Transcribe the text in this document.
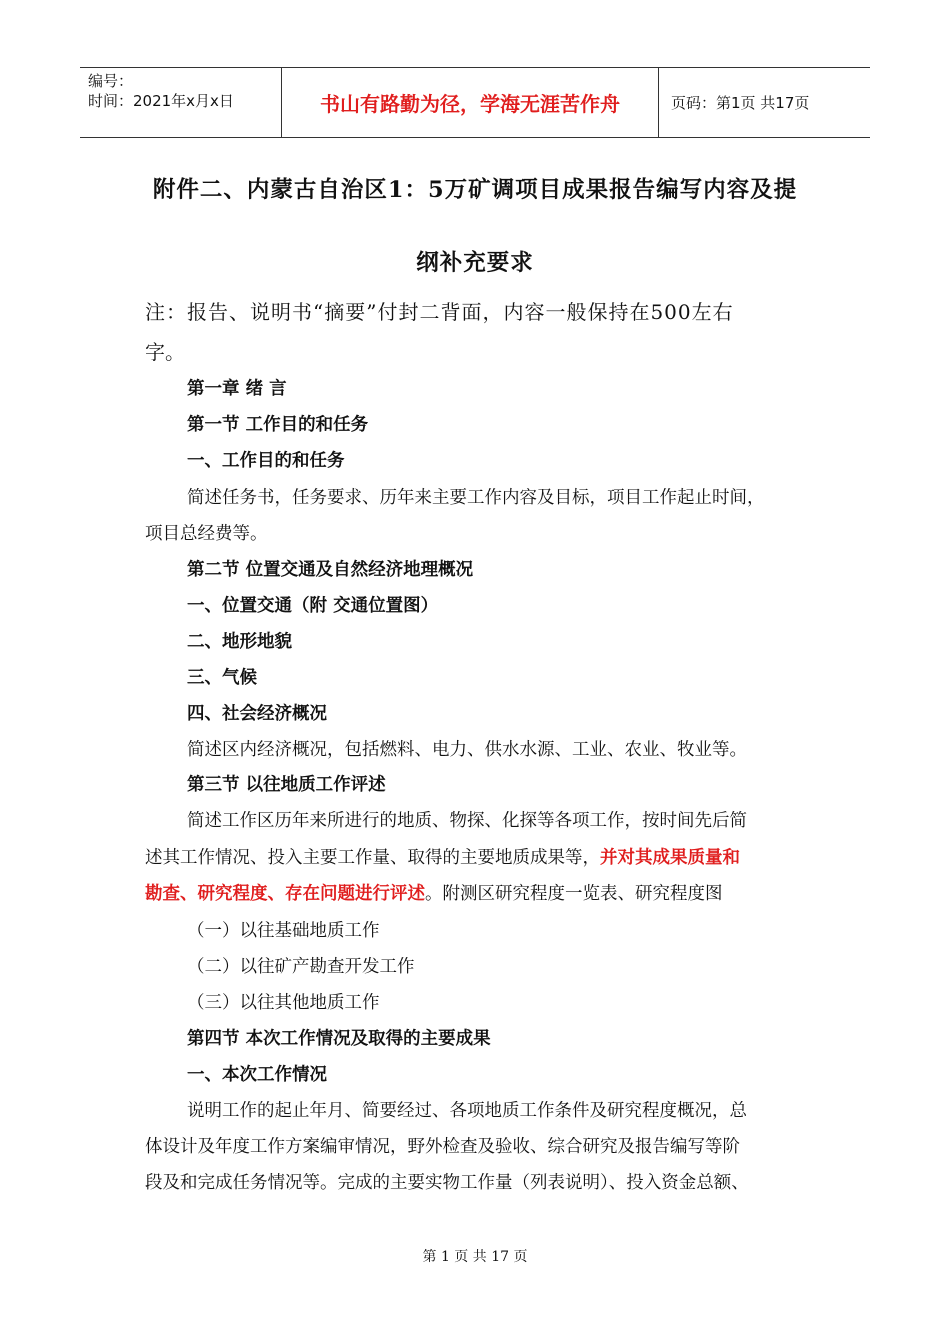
编号：
时间：2021年x月x日	书山有路勤为径，学海无涯苦作舟	页码：第1页 共17页
附件二、内蒙古自治区1：5万矿调项目成果报告编写内容及提
纲补充要求
注：报告、说明书“摘要”付封二背面，内容一般保持在500左右
字。
第一章 绪 言
第一节 工作目的和任务
一、工作目的和任务
简述任务书，任务要求、历年来主要工作内容及目标，项目工作起止时间，
项目总经费等。
第二节 位置交通及自然经济地理概况
一、位置交通（附 交通位置图）
二、地形地貌
三、气候
四、社会经济概况
简述区内经济概况，包括燃料、电力、供水水源、工业、农业、牧业等。
第三节 以往地质工作评述
简述工作区历年来所进行的地质、物探、化探等各项工作，按时间先后简
述其工作情况、投入主要工作量、取得的主要地质成果等，并对其成果质量和
勘查、研究程度、存在问题进行评述。附测区研究程度一览表、研究程度图
（一）以往基础地质工作
（二）以往矿产勘查开发工作
（三）以往其他地质工作
第四节 本次工作情况及取得的主要成果
一、本次工作情况
说明工作的起止年月、简要经过、各项地质工作条件及研究程度概况，总
体设计及年度工作方案编审情况，野外检查及验收、综合研究及报告编写等阶
段及和完成任务情况等。完成的主要实物工作量（列表说明）、投入资金总额、
第 1 页 共 17 页
